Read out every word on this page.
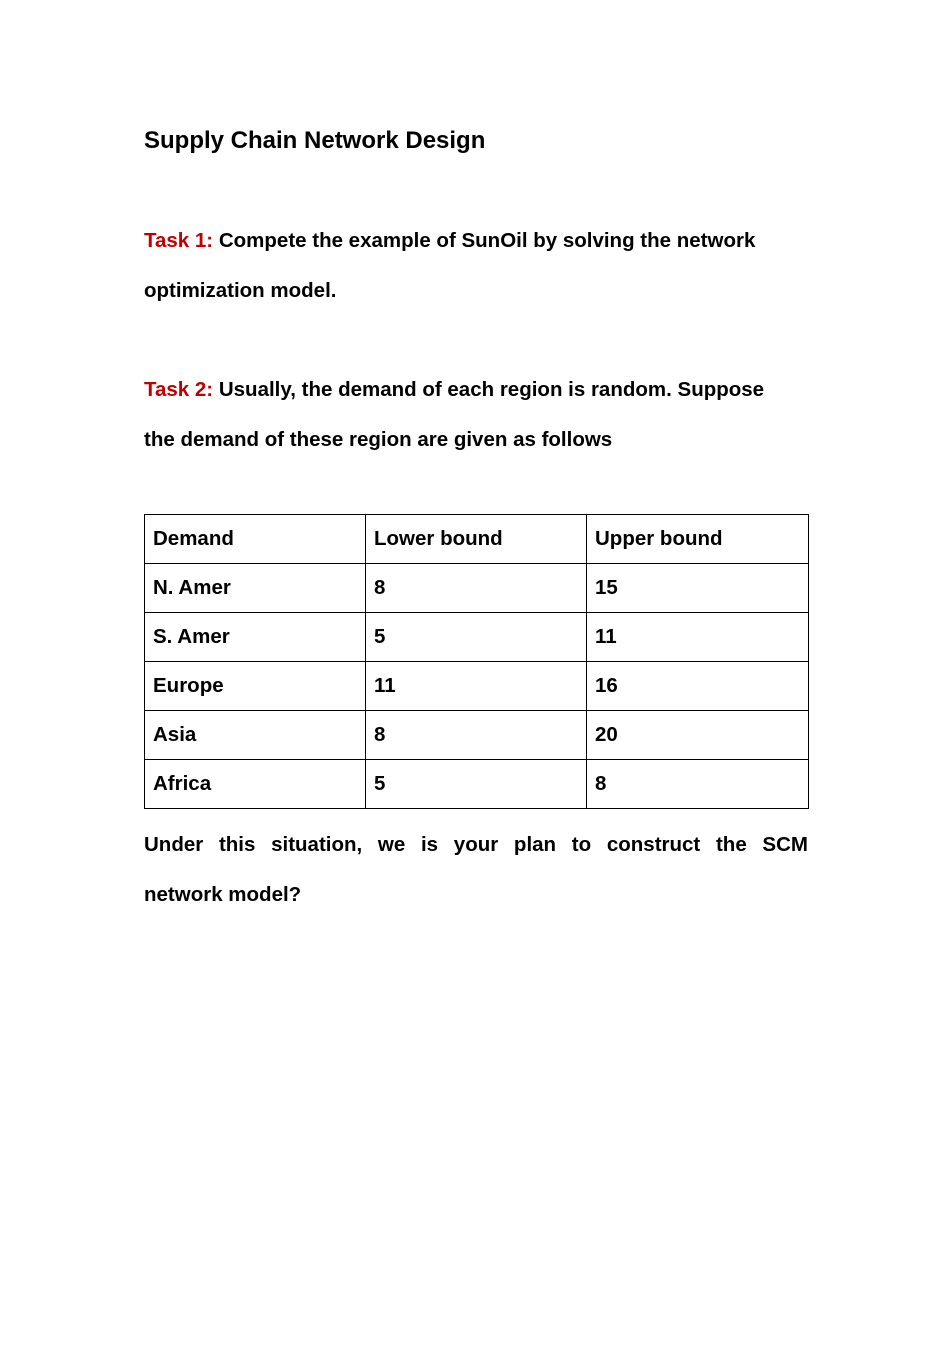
Supply Chain Network Design
Task 1: Compete the example of SunOil by solving the network
optimization model.
Task 2: Usually, the demand of each region is random. Suppose
the demand of these region are given as follows
Demand	Lower bound	Upper bound
N. Amer	8	15
S. Amer	5	11
Europe	11	16
Asia	8	20
Africa	5	8
Under this situation, we is your plan to construct the SCM
network model?
